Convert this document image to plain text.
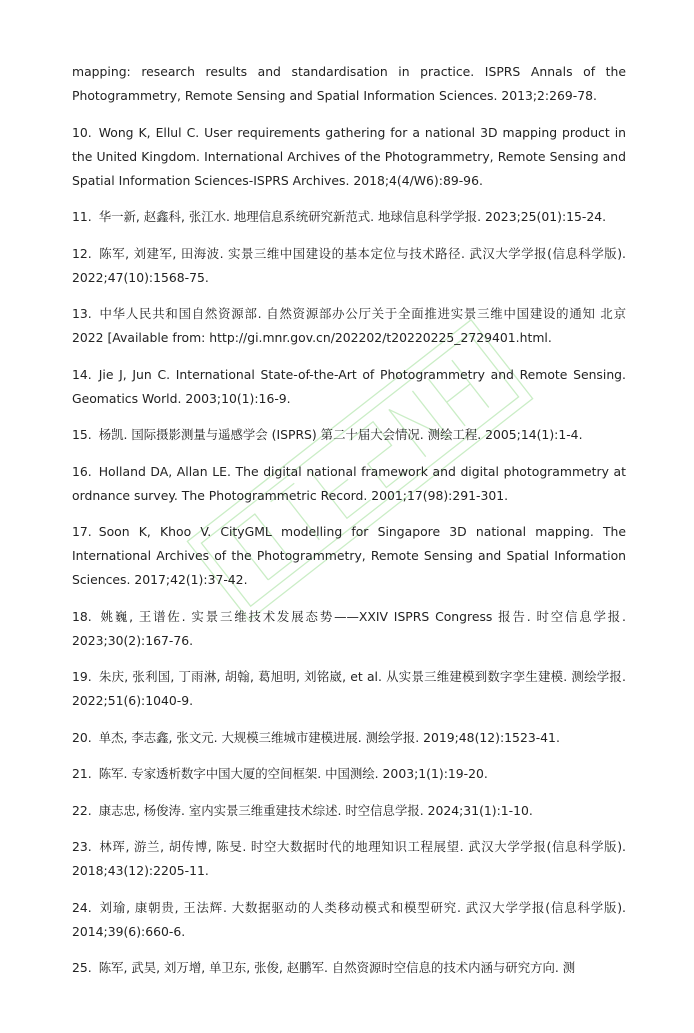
mapping: research results and standardisation in practice. ISPRS Annals of the Photogrammetry, Remote Sensing and Spatial Information Sciences. 2013;2:269-78.

10. Wong K, Ellul C. User requirements gathering for a national 3D mapping product in the United Kingdom. International Archives of the Photogrammetry, Remote Sensing and Spatial Information Sciences-ISPRS Archives. 2018;4(4/W6):89-96.

11. 华一新, 赵鑫科, 张江水. 地理信息系统研究新范式. 地球信息科学学报. 2023;25(01):15-24.

12. 陈军, 刘建军, 田海波. 实景三维中国建设的基本定位与技术路径. 武汉大学学报(信息科学版). 2022;47(10):1568-75.

13. 中华人民共和国自然资源部. 自然资源部办公厅关于全面推进实景三维中国建设的通知 北京 2022 [Available from: http://gi.mnr.gov.cn/202202/t20220225_2729401.html.

14. Jie J, Jun C. International State-of-the-Art of Photogrammetry and Remote Sensing. Geomatics World. 2003;10(1):16-9.

15. 杨凯. 国际摄影测量与遥感学会 (ISPRS) 第二十届大会情况. 测绘工程. 2005;14(1):1-4.

16. Holland DA, Allan LE. The digital national framework and digital photogrammetry at ordnance survey. The Photogrammetric Record. 2001;17(98):291-301.

17. Soon K, Khoo V. CityGML modelling for Singapore 3D national mapping. The International Archives of the Photogrammetry, Remote Sensing and Spatial Information Sciences. 2017;42(1):37-42.

18. 姚巍, 王谱佐. 实景三维技术发展态势——XXIV ISPRS Congress 报告. 时空信息学报. 2023;30(2):167-76.

19. 朱庆, 张利国, 丁雨淋, 胡翰, 葛旭明, 刘铭崴, et al. 从实景三维建模到数字孪生建模. 测绘学报. 2022;51(6):1040-9.

20. 单杰, 李志鑫, 张文元. 大规模三维城市建模进展. 测绘学报. 2019;48(12):1523-41.

21. 陈军. 专家透析数字中国大厦的空间框架. 中国测绘. 2003;1(1):19-20.

22. 康志忠, 杨俊涛. 室内实景三维重建技术综述. 时空信息学报. 2024;31(1):1-10.

23. 林珲, 游兰, 胡传博, 陈旻. 时空大数据时代的地理知识工程展望. 武汉大学学报(信息科学版). 2018;43(12):2205-11.

24. 刘瑜, 康朝贵, 王法辉. 大数据驱动的人类移动模式和模型研究. 武汉大学学报(信息科学版). 2014;39(6):660-6.

25. 陈军, 武昊, 刘万增, 单卫东, 张俊, 赵鹏军. 自然资源时空信息的技术内涵与研究方向. 测
